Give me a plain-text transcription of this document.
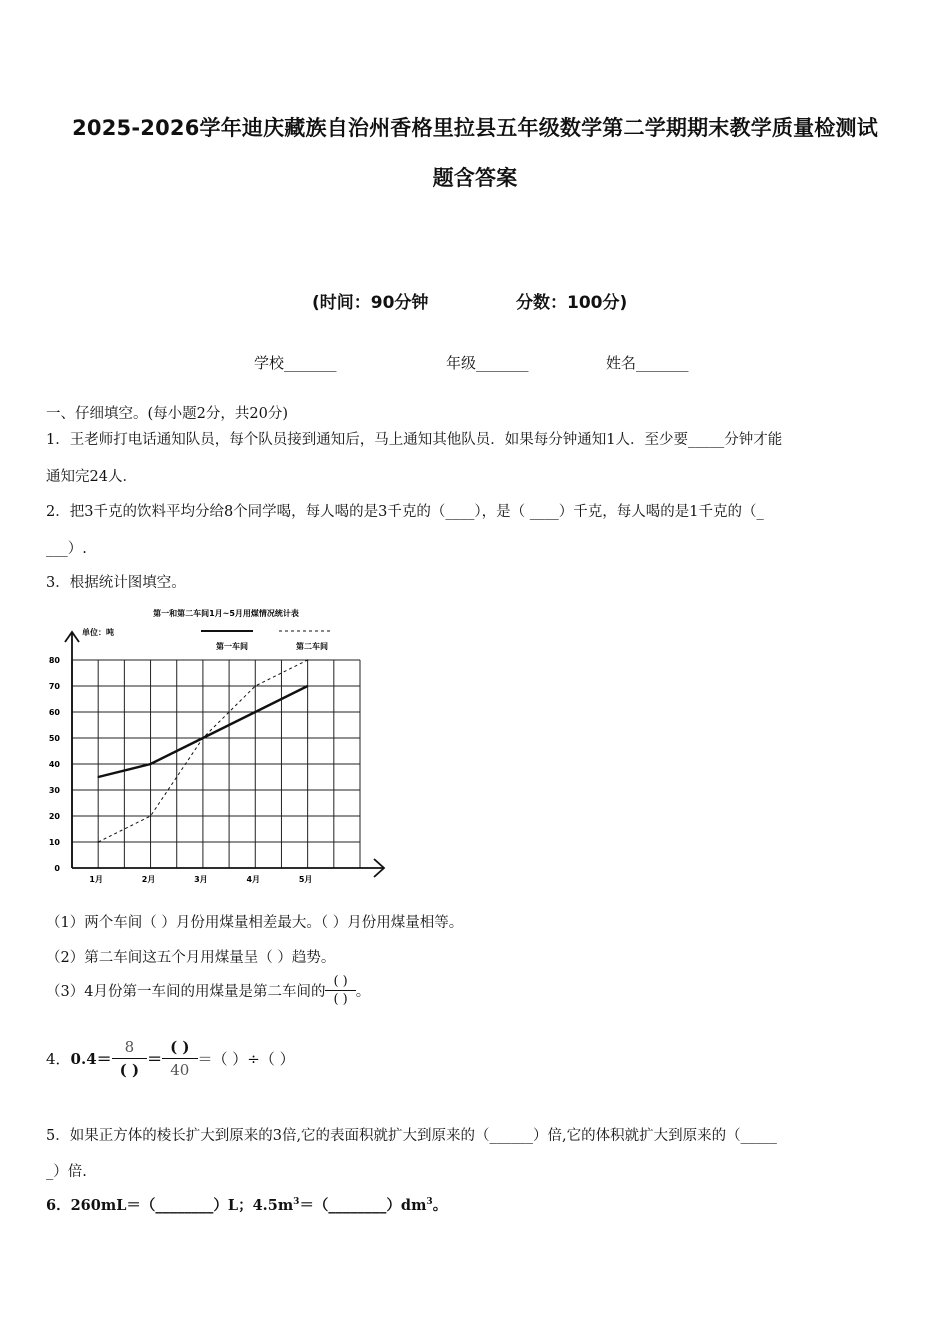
2025-2026学年迪庆藏族自治州香格里拉县五年级数学第二学期期末教学质量检测试
题含答案
(时间：90分钟	分数：100分)
学校_______	年级_______	姓名_______
一、仔细填空。(每小题2分，共20分)
1．王老师打电话通知队员，每个队员接到通知后，马上通知其他队员．如果每分钟通知1人．至少要_____分钟才能
通知完24人．
2．把3千克的饮料平均分给8个同学喝，每人喝的是3千克的（____），是（ ____）千克，每人喝的是1千克的（_
___）.
3．根据统计图填空。
第一和第二车间1月~5月用煤情况统计表
单位：吨
第一车间	第二车间
0
10
20
30
40
50
60
70
80
1月	2月	3月	4月	5月
（1）两个车间（ ）月份用煤量相差最大。（ ）月份用煤量相等。
（2）第二车间这五个月用煤量呈（ ）趋势。
（3）4月份第一车间的用煤量是第二车间的 $\frac{( )}{( )}$ 。
4．$0.4= \frac{8}{( )} = \frac{( )}{40}$ ＝（ ）÷（ ）
5．如果正方体的棱长扩大到原来的3倍,它的表面积就扩大到原来的（______）倍,它的体积就扩大到原来的（_____
_）倍.
6．260mL＝（________）L；$4.5m^3=(\_\_\_\_\_\_\_\_)dm^3$。
